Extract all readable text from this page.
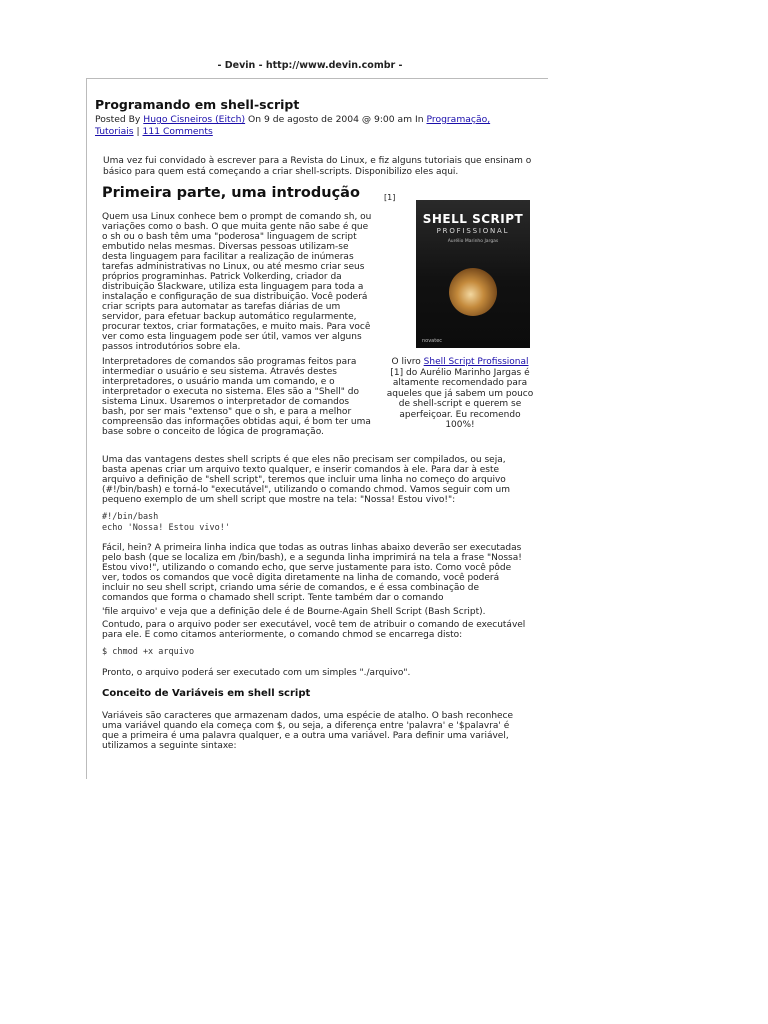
- Devin - http://www.devin.combr -
Programando em shell-script
Posted By Hugo Cisneiros (Eitch) On 9 de agosto de 2004 @ 9:00 am In Programação,
Tutoriais | 111 Comments
Uma vez fui convidado à escrever para a Revista do Linux, e fiz alguns tutoriais que ensinam o básico para quem está começando a criar shell-scripts. Disponibilizo eles aqui.
Primeira parte, uma introdução	[1]
SHELL SCRIPT
PROFISSIONAL
Aurélio Marinho Jargas
novatec
Quem usa Linux conhece bem o prompt de comando sh, ou variações como o bash. O que muita gente não sabe é que o sh ou o bash têm uma "poderosa" linguagem de script embutido nelas mesmas. Diversas pessoas utilizam-se desta linguagem para facilitar a realização de inúmeras tarefas administrativas no Linux, ou até mesmo criar seus próprios programinhas. Patrick Volkerding, criador da distribuição Slackware, utiliza esta linguagem para toda a instalação e configuração de sua distribuição. Você poderá criar scripts para automatar as tarefas diárias de um servidor, para efetuar backup automático regularmente, procurar textos, criar formatações, e muito mais. Para você ver como esta linguagem pode ser útil, vamos ver alguns passos introdutórios sobre ela.
Interpretadores de comandos são programas feitos para intermediar o usuário e seu sistema. Através destes interpretadores, o usuário manda um comando, e o interpretador o executa no sistema. Eles são a "Shell" do sistema Linux. Usaremos o interpretador de comandos bash, por ser mais "extenso" que o sh, e para a melhor compreensão das informações obtidas aqui, é bom ter uma base sobre o conceito de lógica de programação.
O livro Shell Script Profissional
[1] do Aurélio Marinho Jargas é altamente recomendado para aqueles que já sabem um pouco de shell-script e querem se aperfeiçoar. Eu recomendo 100%!
Uma das vantagens destes shell scripts é que eles não precisam ser compilados, ou seja, basta apenas criar um arquivo texto qualquer, e inserir comandos à ele. Para dar à este arquivo a definição de "shell script", teremos que incluir uma linha no começo do arquivo (#!/bin/bash) e torná-lo "executável", utilizando o comando chmod. Vamos seguir com um pequeno exemplo de um shell script que mostre na tela: "Nossa! Estou vivo!":
#!/bin/bash
echo 'Nossa! Estou vivo!'
Fácil, hein? A primeira linha indica que todas as outras linhas abaixo deverão ser executadas pelo bash (que se localiza em /bin/bash), e a segunda linha imprimirá na tela a frase "Nossa! Estou vivo!", utilizando o comando echo, que serve justamente para isto. Como você pôde ver, todos os comandos que você digita diretamente na linha de comando, você poderá incluir no seu shell script, criando uma série de comandos, e é essa combinação de comandos que forma o chamado shell script. Tente também dar o comando
'file arquivo' e veja que a definição dele é de Bourne-Again Shell Script (Bash Script).
Contudo, para o arquivo poder ser executável, você tem de atribuir o comando de executável para ele. E como citamos anteriormente, o comando chmod se encarrega disto:
$ chmod +x arquivo
Pronto, o arquivo poderá ser executado com um simples "./arquivo".
Conceito de Variáveis em shell script
Variáveis são caracteres que armazenam dados, uma espécie de atalho. O bash reconhece uma variável quando ela começa com $, ou seja, a diferença entre 'palavra' e '$palavra' é que a primeira é uma palavra qualquer, e a outra uma variável. Para definir uma variável, utilizamos a seguinte sintaxe:
